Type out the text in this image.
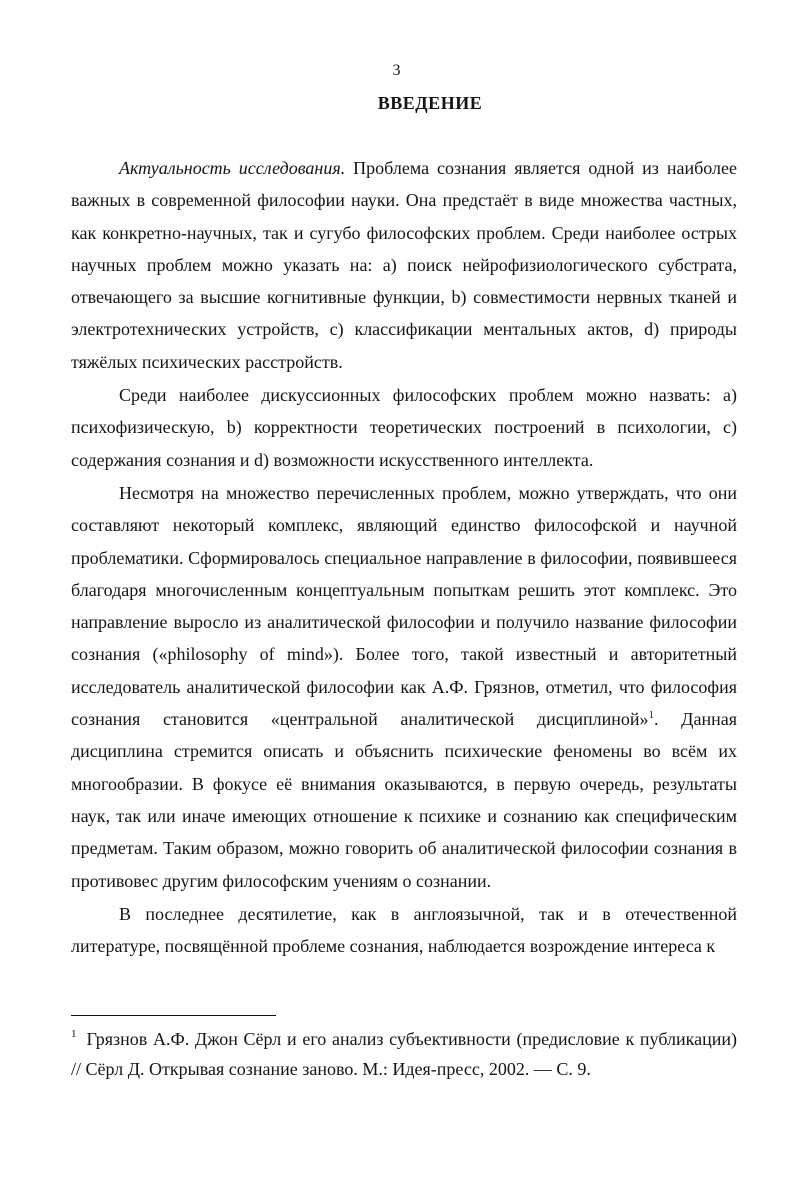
3
ВВЕДЕНИЕ

Актуальность исследования. Проблема сознания является одной из наиболее важных в современной философии науки. Она предстаёт в виде множества частных, как конкретно-научных, так и сугубо философских проблем. Среди наиболее острых научных проблем можно указать на: a) поиск нейрофизиологического субстрата, отвечающего за высшие когнитивные функции, b) совместимости нервных тканей и электротехнических устройств, c) классификации ментальных актов, d) природы тяжёлых психических расстройств.

Среди наиболее дискуссионных философских проблем можно назвать: a) психофизическую, b) корректности теоретических построений в психологии, c) содержания сознания и d) возможности искусственного интеллекта.

Несмотря на множество перечисленных проблем, можно утверждать, что они составляют некоторый комплекс, являющий единство философской и научной проблематики. Сформировалось специальное направление в философии, появившееся благодаря многочисленным концептуальным попыткам решить этот комплекс. Это направление выросло из аналитической философии и получило название философии сознания («philosophy of mind»). Более того, такой известный и авторитетный исследователь аналитической философии как А.Ф. Грязнов, отметил, что философия сознания становится «центральной аналитической дисциплиной»$^1$. Данная дисциплина стремится описать и объяснить психические феномены во всём их многообразии. В фокусе её внимания оказываются, в первую очередь, результаты наук, так или иначе имеющих отношение к психике и сознанию как специфическим предметам. Таким образом, можно говорить об аналитической философии сознания в противовес другим философским учениям о сознании.

В последнее десятилетие, как в англоязычной, так и в отечественной литературе, посвящённой проблеме сознания, наблюдается возрождение интереса к

$^1$ Грязнов А.Ф. Джон Сёрл и его анализ субъективности (предисловие к публикации) // Сёрл Д. Открывая сознание заново. М.: Идея-пресс, 2002. — С. 9.
